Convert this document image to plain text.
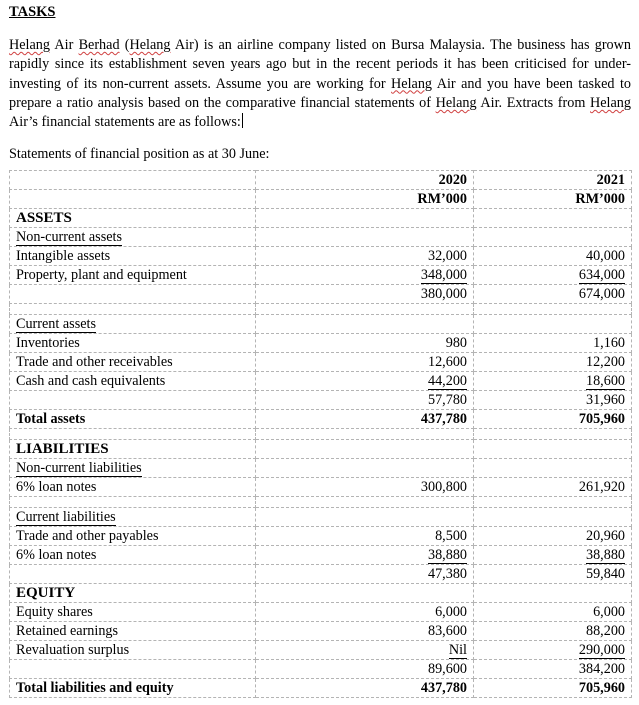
TASKS
Helang Air Berhad (Helang Air) is an airline company listed on Bursa Malaysia. The business has grown rapidly since its establishment seven years ago but in the recent periods it has been criticised for under-investing of its non-current assets. Assume you are working for Helang Air and you have been tasked to prepare a ratio analysis based on the comparative financial statements of Helang Air. Extracts from Helang Air’s financial statements are as follows:
Statements of financial position as at 30 June:
	2020	2021
	RM’000	RM’000
ASSETS		
Non-current assets		
Intangible assets	32,000	40,000
Property, plant and equipment	348,000	634,000
	380,000	674,000

Current assets		
Inventories	980	1,160
Trade and other receivables	12,600	12,200
Cash and cash equivalents	44,200	18,600
	57,780	31,960
Total assets	437,780	705,960

LIABILITIES		
Non-current liabilities		
6% loan notes	300,800	261,920

Current liabilities		
Trade and other payables	8,500	20,960
6% loan notes	38,880	38,880
	47,380	59,840
EQUITY		
Equity shares	6,000	6,000
Retained earnings	83,600	88,200
Revaluation surplus	Nil	290,000
	89,600	384,200
Total liabilities and equity	437,780	705,960
